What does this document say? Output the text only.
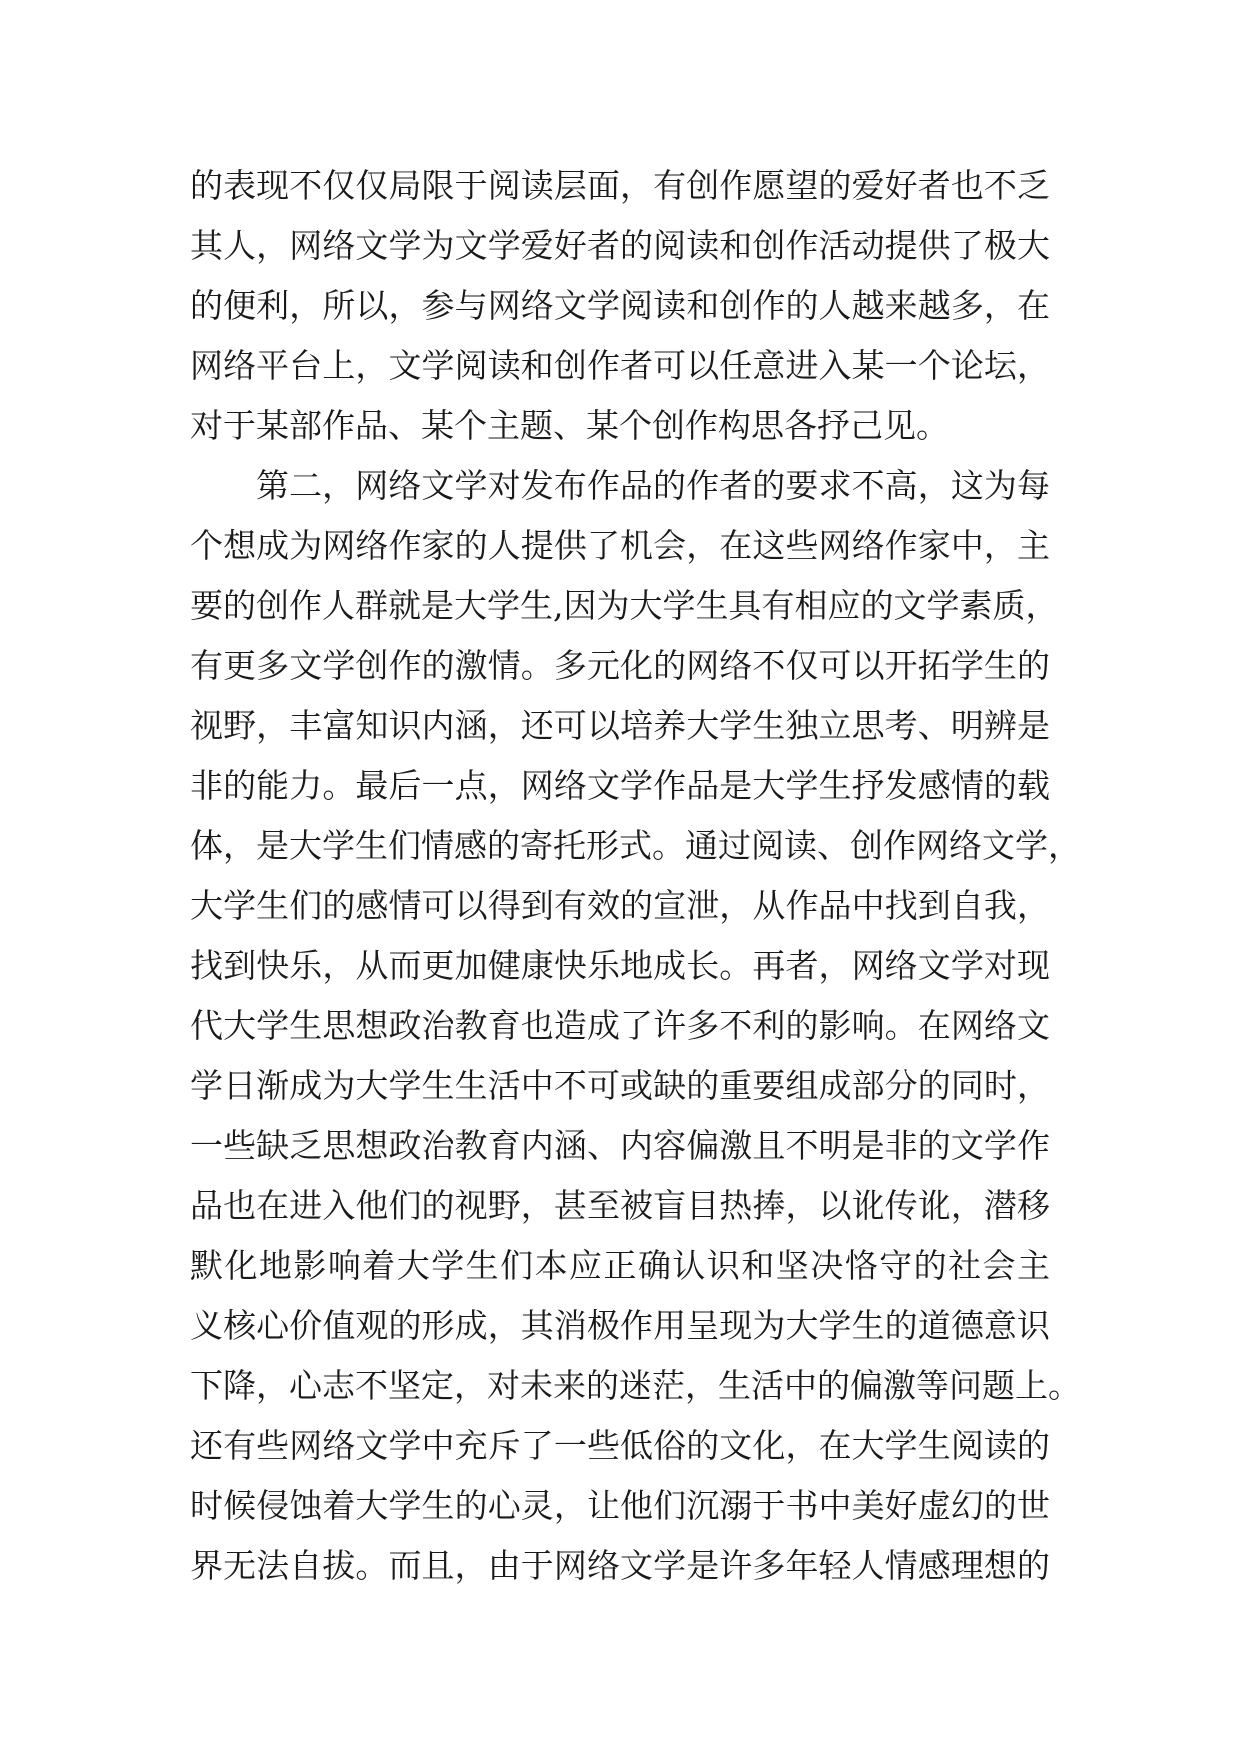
的表现不仅仅局限于阅读层面，有创作愿望的爱好者也不乏
其人，网络文学为文学爱好者的阅读和创作活动提供了极大
的便利，所以，参与网络文学阅读和创作的人越来越多，在
网络平台上，文学阅读和创作者可以任意进入某一个论坛，
对于某部作品、某个主题、某个创作构思各抒己见。
第二，网络文学对发布作品的作者的要求不高，这为每
个想成为网络作家的人提供了机会，在这些网络作家中，主
要的创作人群就是大学生,因为大学生具有相应的文学素质，
有更多文学创作的激情。多元化的网络不仅可以开拓学生的
视野，丰富知识内涵，还可以培养大学生独立思考、明辨是
非的能力。最后一点，网络文学作品是大学生抒发感情的载
体，是大学生们情感的寄托形式。通过阅读、创作网络文学，
大学生们的感情可以得到有效的宣泄，从作品中找到自我，
找到快乐，从而更加健康快乐地成长。再者，网络文学对现
代大学生思想政治教育也造成了许多不利的影响。在网络文
学日渐成为大学生生活中不可或缺的重要组成部分的同时，
一些缺乏思想政治教育内涵、内容偏激且不明是非的文学作
品也在进入他们的视野，甚至被盲目热捧，以讹传讹，潜移
默化地影响着大学生们本应正确认识和坚决恪守的社会主
义核心价值观的形成，其消极作用呈现为大学生的道德意识
下降，心志不坚定，对未来的迷茫，生活中的偏激等问题上。
还有些网络文学中充斥了一些低俗的文化，在大学生阅读的
时候侵蚀着大学生的心灵，让他们沉溺于书中美好虚幻的世
界无法自拔。而且，由于网络文学是许多年轻人情感理想的
